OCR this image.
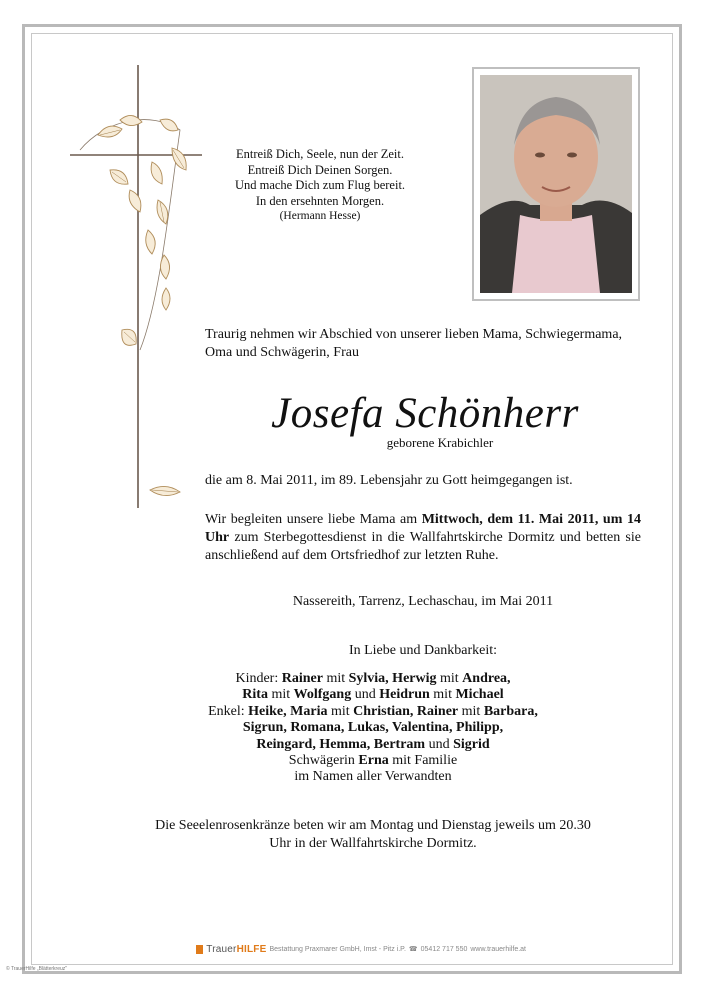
Entreiß Dich, Seele, nun der Zeit.
Entreiß Dich Deinen Sorgen.
Und mache Dich zum Flug bereit.
In den ersehnten Morgen.
(Hermann Hesse)
Traurig nehmen wir Abschied von unserer lieben Mama, Schwiegermama, Oma und Schwägerin, Frau
Josefa Schönherr
geborene Krabichler
die am 8. Mai 2011, im 89. Lebensjahr zu Gott heimgegangen ist.
Wir begleiten unsere liebe Mama am Mittwoch, dem 11. Mai 2011, um 14 Uhr zum Sterbegottesdienst in die Wallfahrtskirche Dormitz und betten sie anschließend auf dem Ortsfriedhof zur letzten Ruhe.
Nassereith, Tarrenz, Lechaschau, im Mai 2011
In Liebe und Dankbarkeit:
Kinder: Rainer mit Sylvia, Herwig mit Andrea,
Rita mit Wolfgang und Heidrun mit Michael
Enkel: Heike, Maria mit Christian, Rainer mit Barbara,
Sigrun, Romana, Lukas, Valentina, Philipp,
Reingard, Hemma, Bertram und Sigrid
Schwägerin Erna mit Familie
im Namen aller Verwandten
Die Seeelenrosenkränze beten wir am Montag und Dienstag jeweils um 20.30 Uhr in der Wallfahrtskirche Dormitz.
TrauerHILFE Bestattung Praxmarer GmbH, Imst - Pitz i.P. ☎ 05412 717 550 www.trauerhilfe.at
© TrauerHilfe „Blätterkreuz"
